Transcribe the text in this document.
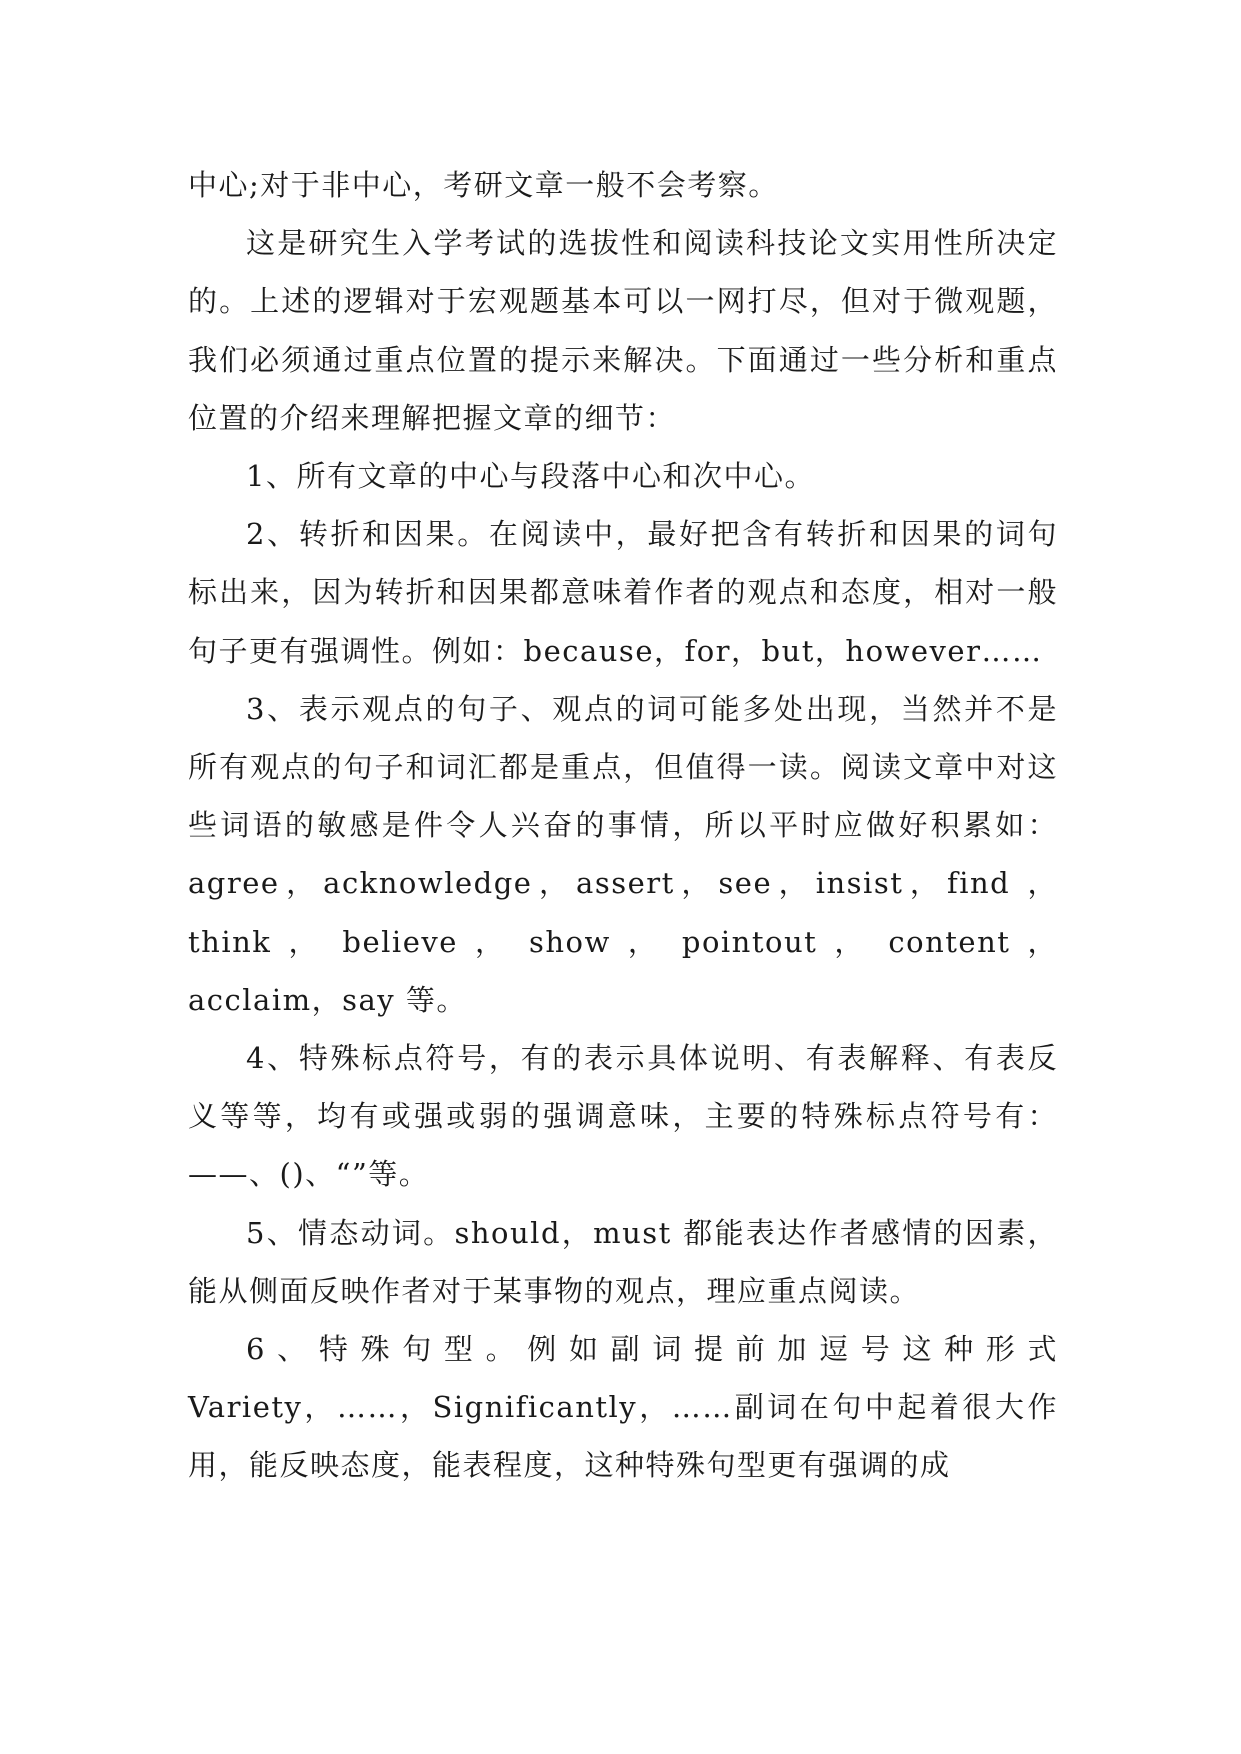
中心;对于非中心，考研文章一般不会考察。

这是研究生入学考试的选拔性和阅读科技论文实用性所决定的。上述的逻辑对于宏观题基本可以一网打尽，但对于微观题，我们必须通过重点位置的提示来解决。下面通过一些分析和重点位置的介绍来理解把握文章的细节：

1、所有文章的中心与段落中心和次中心。

2、转折和因果。在阅读中，最好把含有转折和因果的词句标出来，因为转折和因果都意味着作者的观点和态度，相对一般句子更有强调性。例如：because，for，but，however……

3、表示观点的句子、观点的词可能多处出现，当然并不是所有观点的句子和词汇都是重点，但值得一读。阅读文章中对这些词语的敏感是件令人兴奋的事情，所以平时应做好积累如：agree，acknowledge，assert，see，insist，find ， think ， believe ， show ， pointout ， content ，acclaim，say 等。

4、特殊标点符号，有的表示具体说明、有表解释、有表反义等等，均有或强或弱的强调意味，主要的特殊标点符号有：——、()、“”等。

5、情态动词。should，must 都能表达作者感情的因素，能从侧面反映作者对于某事物的观点，理应重点阅读。

6、特殊句型。例如副词提前加逗号这种形式Variety，……，Significantly，……副词在句中起着很大作用，能反映态度，能表程度，这种特殊句型更有强调的成
